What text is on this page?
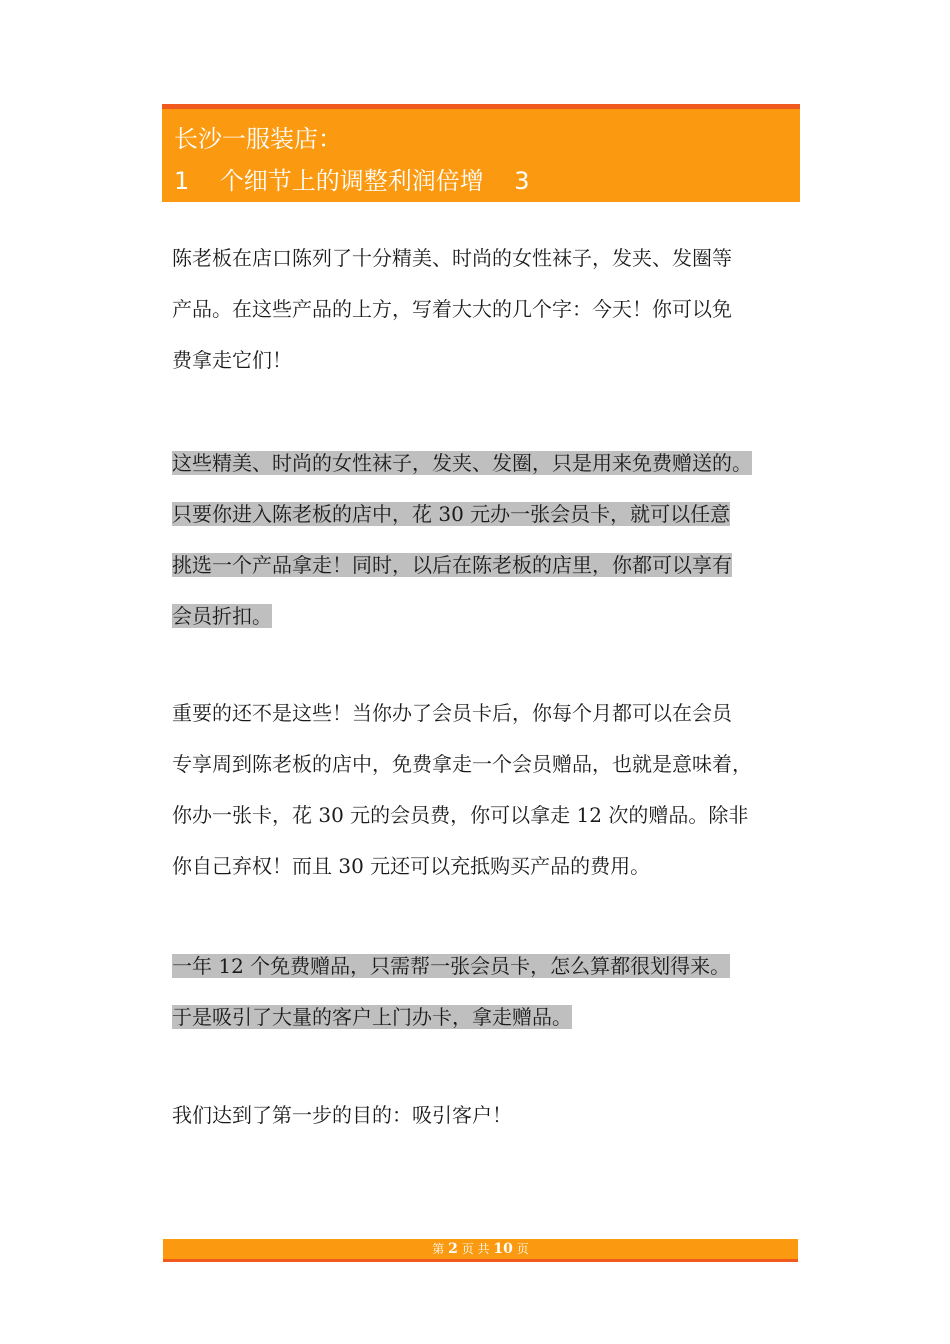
长沙一服装店：
1    个细节上的调整利润倍增    3
陈老板在店口陈列了十分精美、时尚的女性袜子，发夹、发圈等
产品。在这些产品的上方，写着大大的几个字：今天！你可以免
费拿走它们！
这些精美、时尚的女性袜子，发夹、发圈，只是用来免费赠送的。
只要你进入陈老板的店中，花 30 元办一张会员卡，就可以任意
挑选一个产品拿走！同时，以后在陈老板的店里，你都可以享有
会员折扣。
重要的还不是这些！当你办了会员卡后，你每个月都可以在会员
专享周到陈老板的店中，免费拿走一个会员赠品，也就是意味着，
你办一张卡，花 30 元的会员费，你可以拿走 12 次的赠品。除非
你自己弃权！而且 30 元还可以充抵购买产品的费用。
一年 12 个免费赠品，只需帮一张会员卡，怎么算都很划得来。
于是吸引了大量的客户上门办卡，拿走赠品。
我们达到了第一步的目的：吸引客户！
第 2 页 共 10 页
